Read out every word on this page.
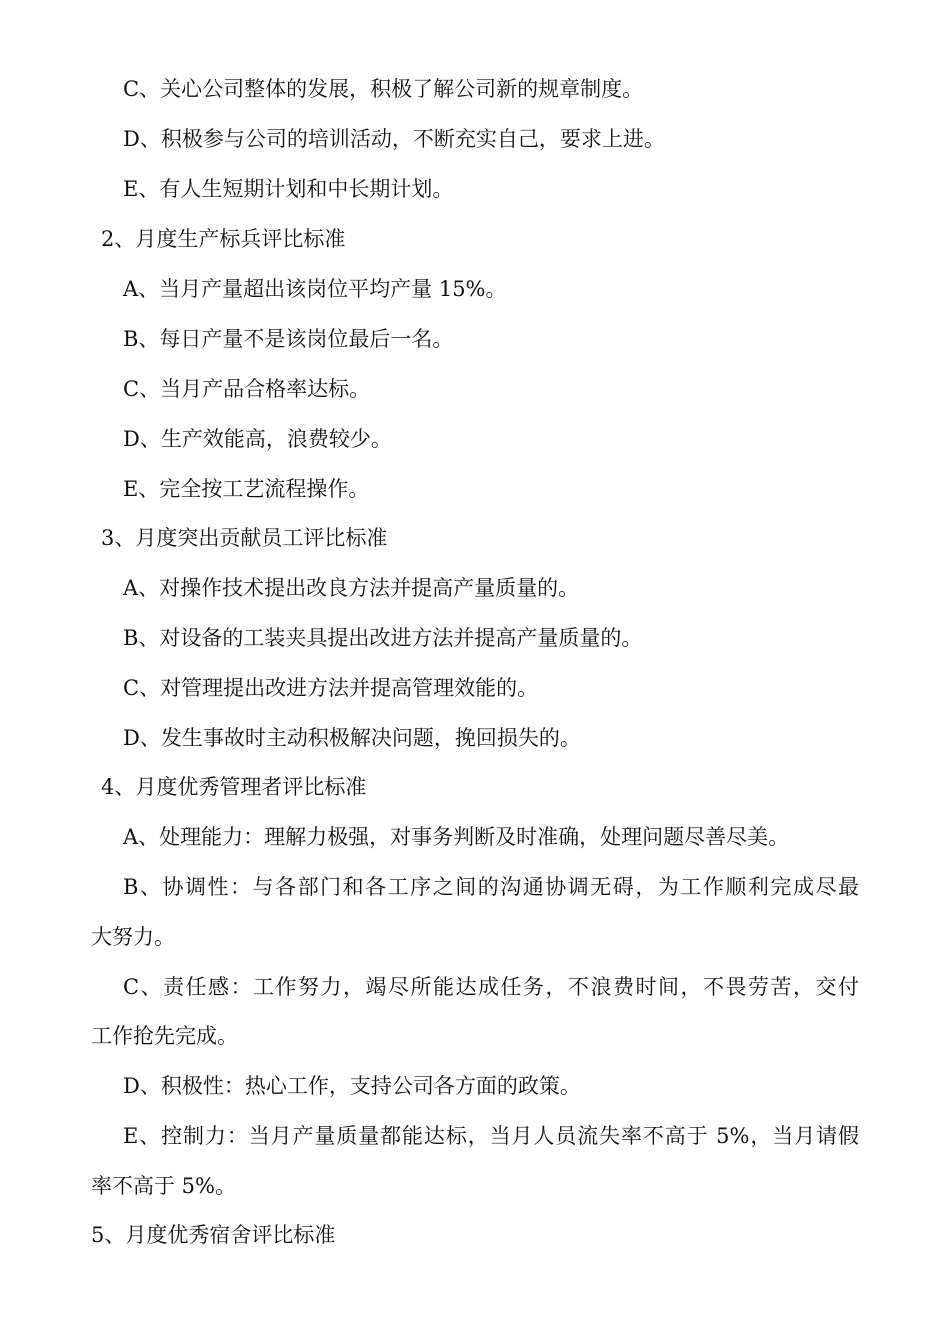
C、关心公司整体的发展，积极了解公司新的规章制度。
D、积极参与公司的培训活动，不断充实自己，要求上进。
E、有人生短期计划和中长期计划。
2、月度生产标兵评比标准
A、当月产量超出该岗位平均产量 15%。
B、每日产量不是该岗位最后一名。
C、当月产品合格率达标。
D、生产效能高，浪费较少。
E、完全按工艺流程操作。
3、月度突出贡献员工评比标准
A、对操作技术提出改良方法并提高产量质量的。
B、对设备的工装夹具提出改进方法并提高产量质量的。
C、对管理提出改进方法并提高管理效能的。
D、发生事故时主动积极解决问题，挽回损失的。
4、月度优秀管理者评比标准
A、处理能力：理解力极强，对事务判断及时准确，处理问题尽善尽美。
B、协调性：与各部门和各工序之间的沟通协调无碍，为工作顺利完成尽最
大努力。
C、责任感：工作努力，竭尽所能达成任务，不浪费时间，不畏劳苦，交付
工作抢先完成。
D、积极性：热心工作，支持公司各方面的政策。
E、控制力：当月产量质量都能达标，当月人员流失率不高于 5%，当月请假
率不高于 5%。
5、月度优秀宿舍评比标准
